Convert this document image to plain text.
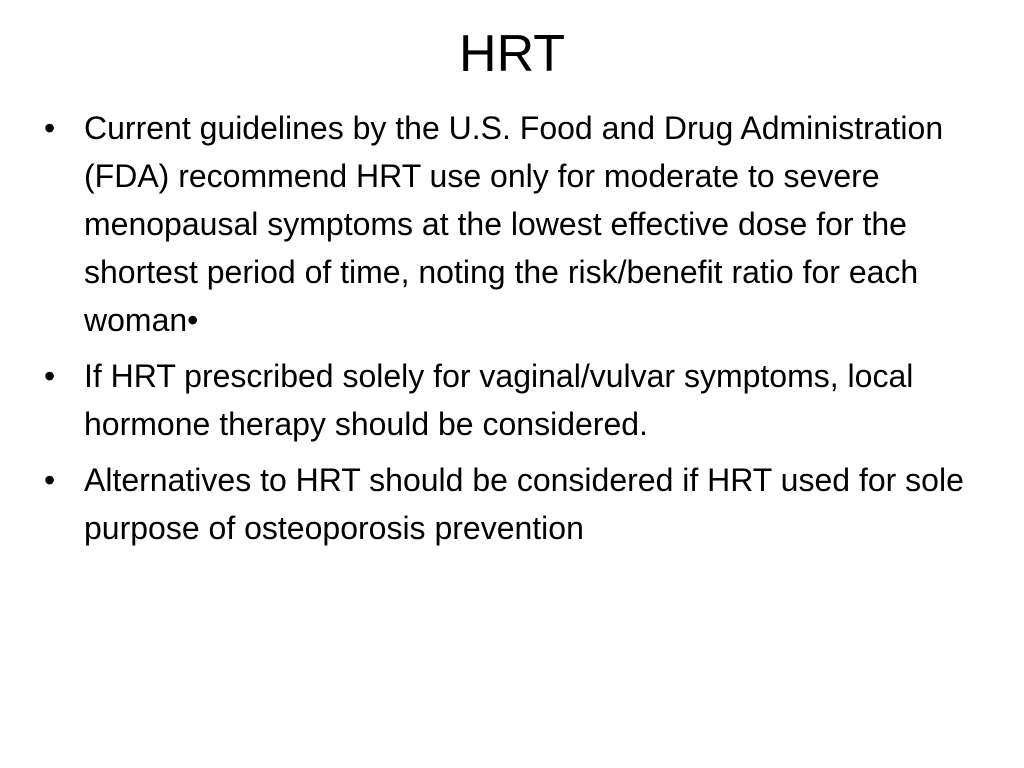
HRT
• Current guidelines by the U.S. Food and Drug Administration (FDA) recommend HRT use only for moderate to severe menopausal symptoms at the lowest effective dose for the shortest period of time, noting the risk/benefit ratio for each woman•
• If HRT prescribed solely for vaginal/vulvar symptoms, local hormone therapy should be considered.
• Alternatives to HRT should be considered if HRT used for sole purpose of osteoporosis prevention
